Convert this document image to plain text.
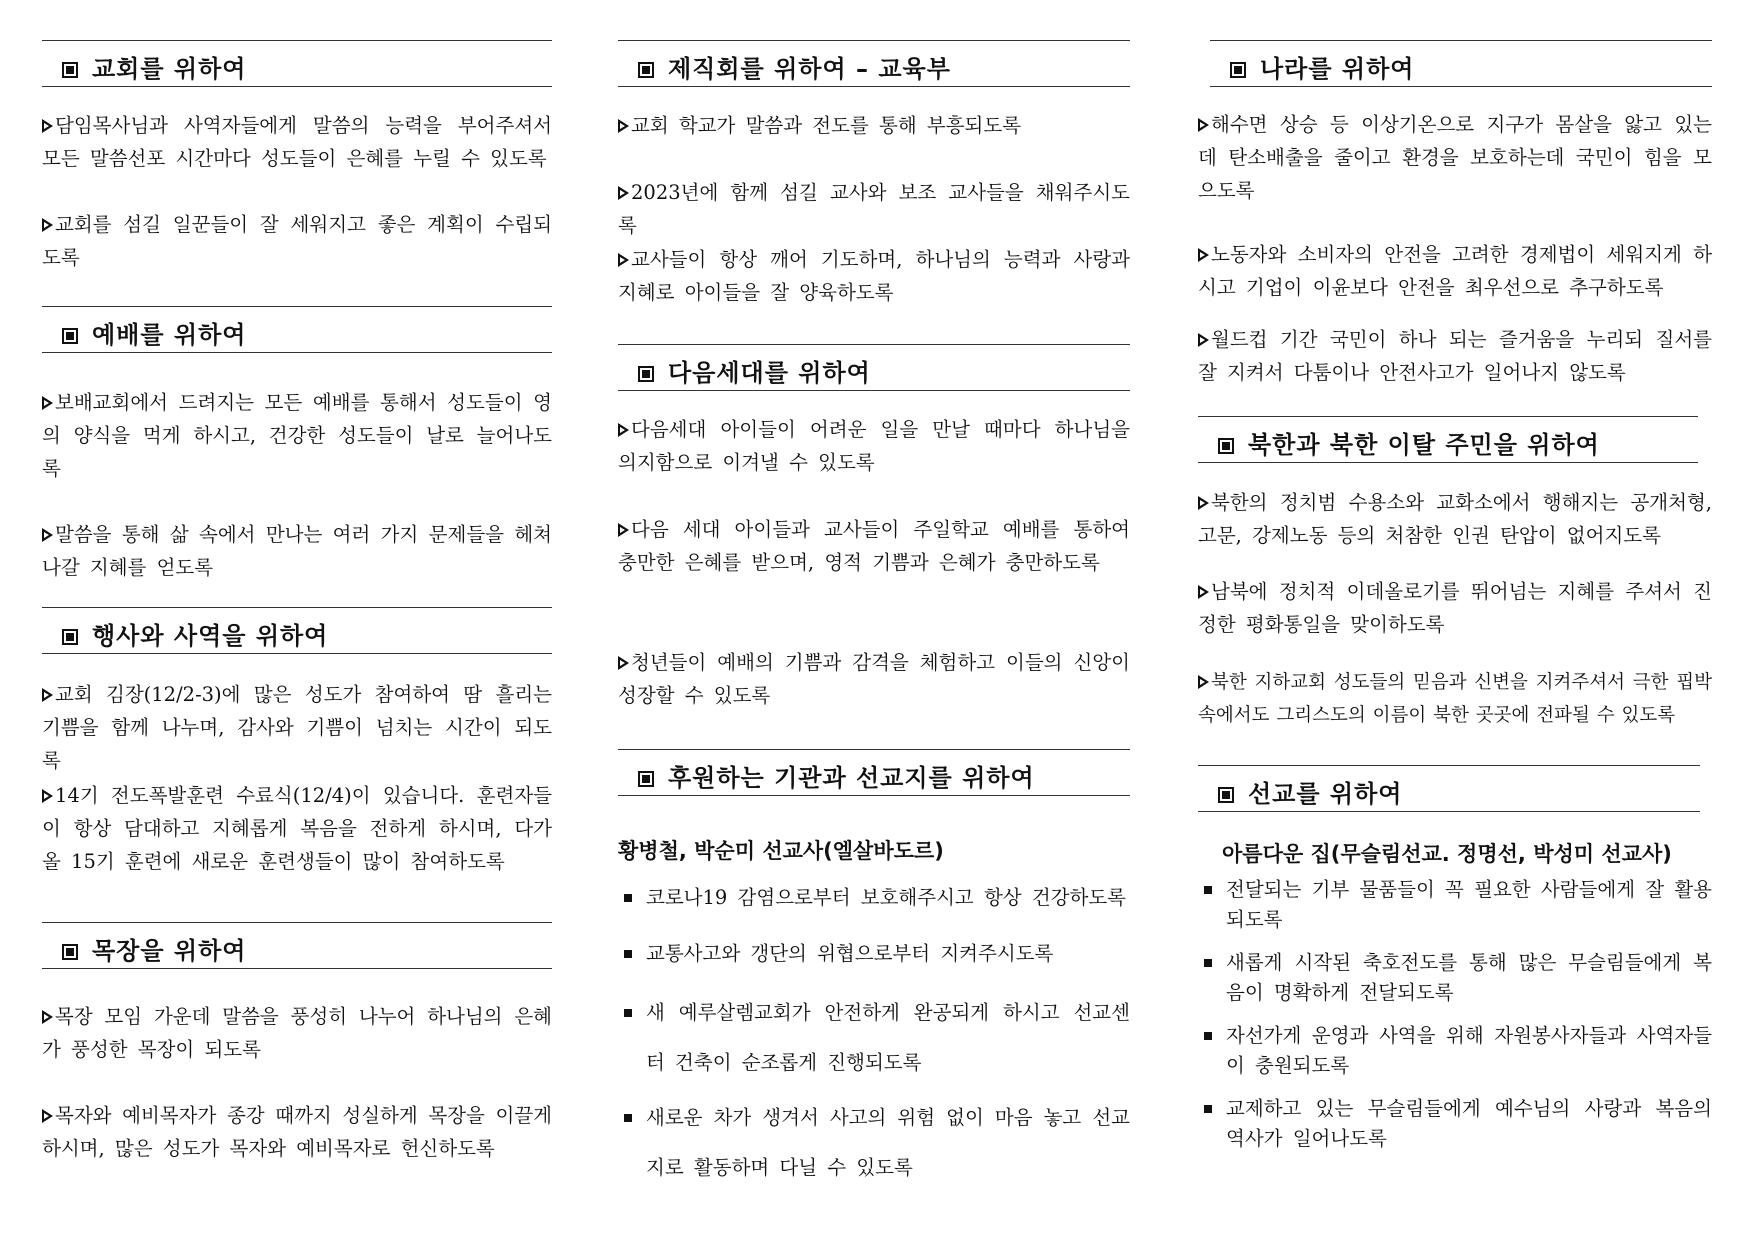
교회를 위하여
담임목사님과 사역자들에게 말씀의 능력을 부어주셔서 모든 말씀선포 시간마다 성도들이 은혜를 누릴 수 있도록
교회를 섬길 일꾼들이 잘 세워지고 좋은 계획이 수립되도록
예배를 위하여
보배교회에서 드려지는 모든 예배를 통해서 성도들이 영의 양식을 먹게 하시고, 건강한 성도들이 날로 늘어나도록
말씀을 통해 삶 속에서 만나는 여러 가지 문제들을 헤쳐 나갈 지혜를 얻도록
행사와 사역을 위하여
교회 김장(12/2-3)에 많은 성도가 참여하여 땀 흘리는 기쁨을 함께 나누며, 감사와 기쁨이 넘치는 시간이 되도록
14기 전도폭발훈련 수료식(12/4)이 있습니다. 훈련자들이 항상 담대하고 지혜롭게 복음을 전하게 하시며, 다가올 15기 훈련에 새로운 훈련생들이 많이 참여하도록
목장을 위하여
목장 모임 가운데 말씀을 풍성히 나누어 하나님의 은혜가 풍성한 목장이 되도록
목자와 예비목자가 종강 때까지 성실하게 목장을 이끌게 하시며, 많은 성도가 목자와 예비목자로 헌신하도록
제직회를 위하여 – 교육부
교회 학교가 말씀과 전도를 통해 부흥되도록
2023년에 함께 섬길 교사와 보조 교사들을 채워주시도록
교사들이 항상 깨어 기도하며, 하나님의 능력과 사랑과 지혜로 아이들을 잘 양육하도록
다음세대를 위하여
다음세대 아이들이 어려운 일을 만날 때마다 하나님을 의지함으로 이겨낼 수 있도록
다음 세대 아이들과 교사들이 주일학교 예배를 통하여 충만한 은혜를 받으며, 영적 기쁨과 은혜가 충만하도록
청년들이 예배의 기쁨과 감격을 체험하고 이들의 신앙이 성장할 수 있도록
후원하는 기관과 선교지를 위하여
황병철, 박순미 선교사(엘살바도르)
코로나19 감염으로부터 보호해주시고 항상 건강하도록
교통사고와 갱단의 위협으로부터 지켜주시도록
새 예루살렘교회가 안전하게 완공되게 하시고 선교센터 건축이 순조롭게 진행되도록
새로운 차가 생겨서 사고의 위험 없이 마음 놓고 선교지로 활동하며 다닐 수 있도록
나라를 위하여
해수면 상승 등 이상기온으로 지구가 몸살을 앓고 있는데 탄소배출을 줄이고 환경을 보호하는데 국민이 힘을 모으도록
노동자와 소비자의 안전을 고려한 경제법이 세워지게 하시고 기업이 이윤보다 안전을 최우선으로 추구하도록
월드컵 기간 국민이 하나 되는 즐거움을 누리되 질서를 잘 지켜서 다툼이나 안전사고가 일어나지 않도록
북한과 북한 이탈 주민을 위하여
북한의 정치범 수용소와 교화소에서 행해지는 공개처형, 고문, 강제노동 등의 처참한 인권 탄압이 없어지도록
남북에 정치적 이데올로기를 뛰어넘는 지혜를 주셔서 진정한 평화통일을 맞이하도록
북한 지하교회 성도들의 믿음과 신변을 지켜주셔서 극한 핍박 속에서도 그리스도의 이름이 북한 곳곳에 전파될 수 있도록
선교를 위하여
아름다운 집(무슬림선교. 정명선, 박성미 선교사)
전달되는 기부 물품들이 꼭 필요한 사람들에게 잘 활용되도록
새롭게 시작된 축호전도를 통해 많은 무슬림들에게 복음이 명확하게 전달되도록
자선가게 운영과 사역을 위해 자원봉사자들과 사역자들이 충원되도록
교제하고 있는 무슬림들에게 예수님의 사랑과 복음의 역사가 일어나도록
